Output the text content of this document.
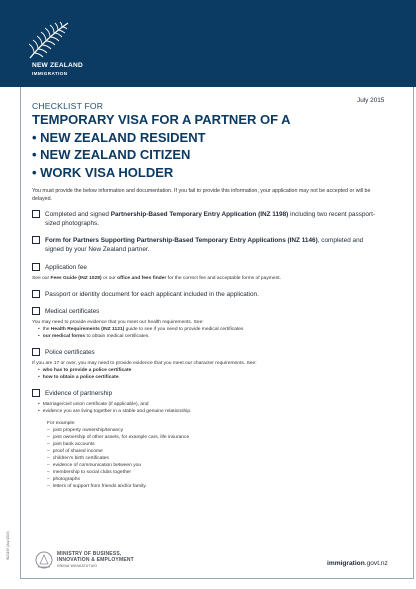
NEW ZEALAND
IMMIGRATION
July 2015
CHECKLIST FOR
TEMPORARY VISA FOR A PARTNER OF A
• NEW ZEALAND RESIDENT
• NEW ZEALAND CITIZEN
• WORK VISA HOLDER
You must provide the below information and documentation. If you fail to provide this information, your application may not be accepted or will be delayed.
Completed and signed Partnership-Based Temporary Entry Application (INZ 1198) including two recent passport-sized photographs.
Form for Partners Supporting Partnership-Based Temporary Entry Applications (INZ 1146), completed and signed by your New Zealand partner.
Application fee
See our Fees Guide (INZ 1028) or our office and fees finder for the correct fee and acceptable forms of payment.
Passport or identity document for each applicant included in the application.
Medical certificates
You may need to provide evidence that you meet our health requirements. See:
• the Health Requirements (INZ 1121) guide to see if you need to provide medical certificates
• our medical forms to obtain medical certificates.
Police certificates
If you are 17 or over, you may need to provide evidence that you meet our character requirements. See:
• who has to provide a police certificate
• how to obtain a police certificate.
Evidence of partnership
• Marriage/civil union certificate (if applicable), and
• evidence you are living together in a stable and genuine relationship.
For example:
– joint property ownership/tenancy
– joint ownership of other assets, for example cars, life insurance
– joint bank accounts
– proof of shared income
– children's birth certificates
– evidence of communication between you
– membership to social clubs together
– photographs
– letters of support from friends and/or family.
MINISTRY OF BUSINESS,
INNOVATION & EMPLOYMENT
HĪKINA WHAKATUTUKI	immigration.govt.nz
INZ1199 (July 2015)
